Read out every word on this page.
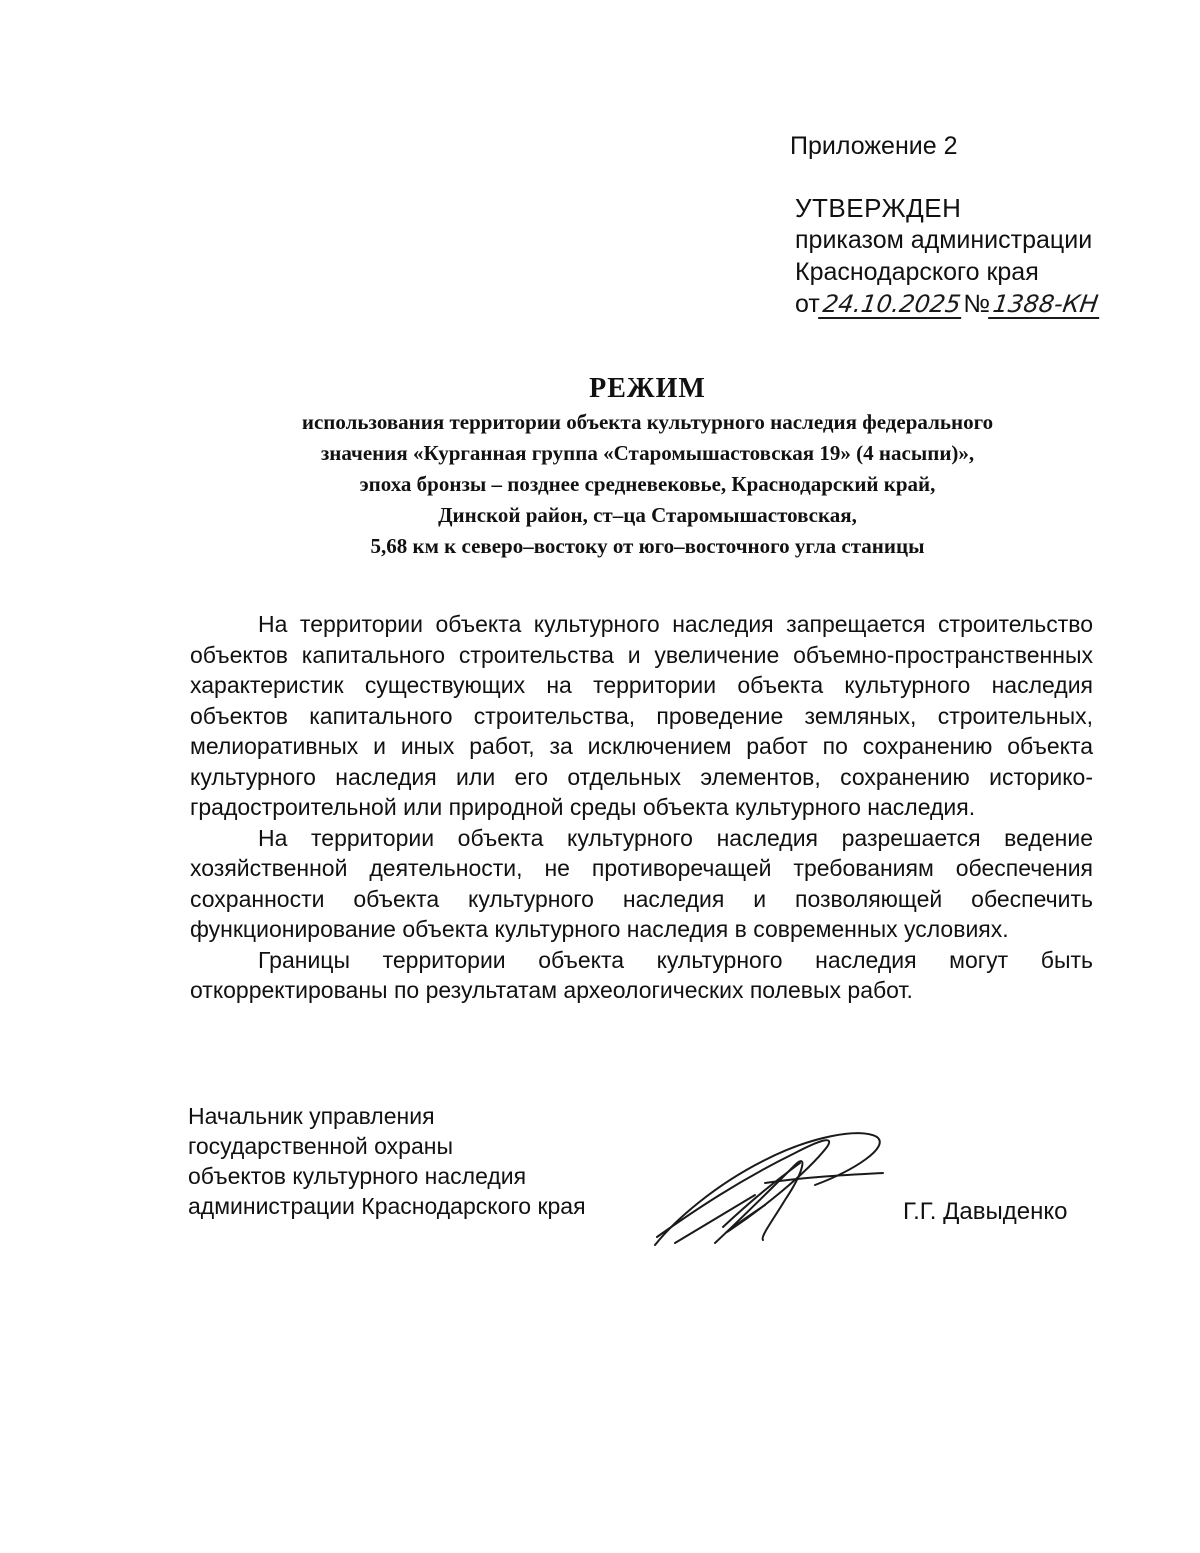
Приложение 2
УТВЕРЖДЕН
приказом администрации
Краснодарского края
от24.10.2025№1388-КН
РЕЖИМ
использования территории объекта культурного наследия федерального
значения «Курганная группа «Старомышастовская 19» (4 насыпи)»,
эпоха бронзы – позднее средневековье, Краснодарский край,
Динской район, ст–ца Старомышастовская,
5,68 км к северо–востоку от юго–восточного угла станицы

На территории объекта культурного наследия запрещается строительство объектов капитального строительства и увеличение объемно-пространственных характеристик существующих на территории объекта культурного наследия объектов капитального строительства, проведение земляных, строительных, мелиоративных и иных работ, за исключением работ по сохранению объекта культурного наследия или его отдельных элементов, сохранению историко-градостроительной или природной среды объекта культурного наследия.

На территории объекта культурного наследия разрешается ведение хозяйственной деятельности, не противоречащей требованиям обеспечения сохранности объекта культурного наследия и позволяющей обеспечить функционирование объекта культурного наследия в современных условиях.

Границы территории объекта культурного наследия могут быть откорректированы по результатам археологических полевых работ.

Начальник управления
государственной охраны
объектов культурного наследия
администрации Краснодарского края	Г.Г. Давыденко
